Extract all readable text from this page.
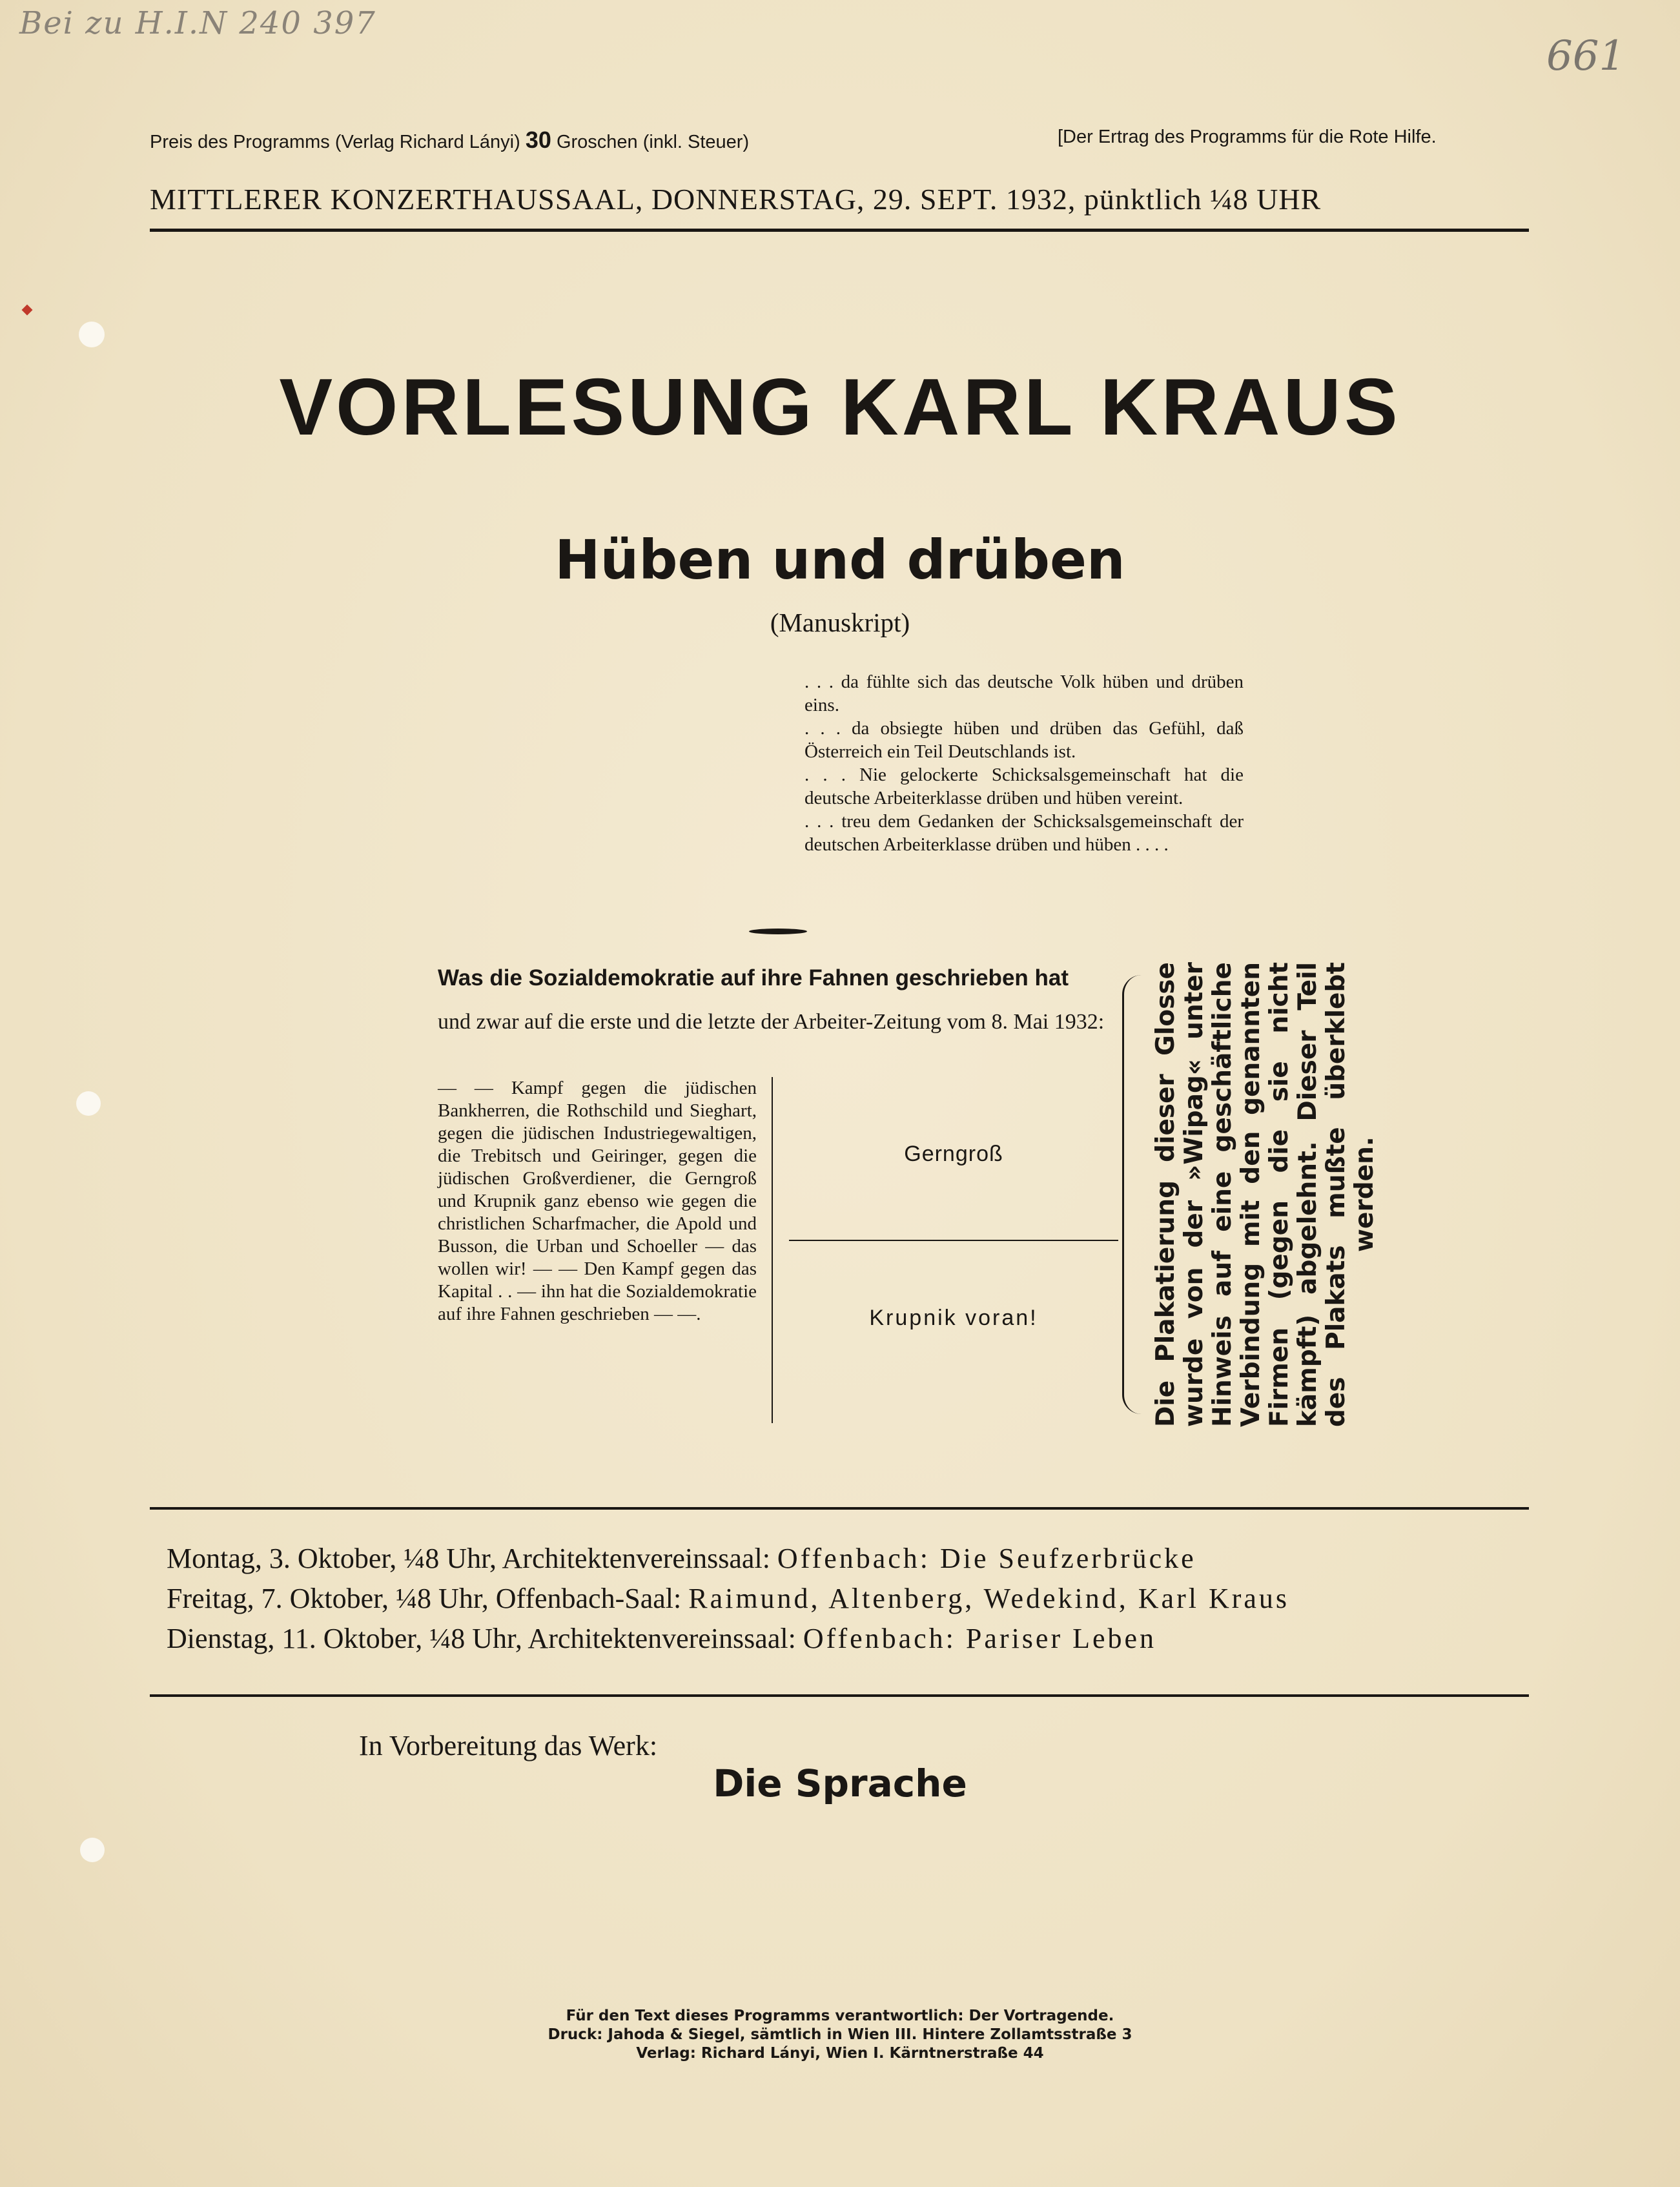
Bei zu H.I.N 240 397
661
Preis des Programms (Verlag Richard Lányi) 30 Groschen (inkl. Steuer)	[Der Ertrag des Programms für die Rote Hilfe.
MITTLERER KONZERTHAUSSAAL, DONNERSTAG, 29. SEPT. 1932, pünktlich ¼8 UHR
VORLESUNG KARL KRAUS
Hüben und drüben
(Manuskript)

. . . da fühlte sich das deutsche Volk hüben und drüben eins.

. . . da obsiegte hüben und drüben das Gefühl, daß Österreich ein Teil Deutschlands ist.

. . . Nie gelockerte Schicksalsgemeinschaft hat die deutsche Arbeiterklasse drüben und hüben vereint.

. . . treu dem Gedanken der Schicksalsgemeinschaft der deutschen Arbeiterklasse drüben und hüben . . . .

Was die Sozialdemokratie auf ihre Fahnen geschrieben hat
und zwar auf die erste und die letzte der Arbeiter-Zeitung vom 8. Mai 1932:
— — Kampf gegen die jüdischen Bankherren, die Rothschild und Sieghart, gegen die jüdischen Industriegewaltigen, die Trebitsch und Geiringer, gegen die jüdischen Großverdiener, die Gerngroß und Krupnik ganz ebenso wie gegen die christlichen Scharfmacher, die Apold und Busson, die Urban und Schoeller — das wollen wir! — — Den Kampf gegen das Kapital . . — ihn hat die Sozialdemokratie auf ihre Fahnen geschrieben — —.
Gerngroß
Krupnik voran!	Die Plakatierung dieser Glosse wurde von der »Wipag« unter Hinweis auf eine geschäftliche Verbindung mit den genannten Firmen (gegen die sie nicht kämpft) abgelehnt. Dieser Teil des Plakats mußte überklebt werden.
Montag, 3. Oktober, ¼8 Uhr, Architektenvereinssaal: Offenbach: Die Seufzerbrücke
Freitag, 7. Oktober, ¼8 Uhr, Offenbach-Saal: Raimund, Altenberg, Wedekind, Karl Kraus
Dienstag, 11. Oktober, ¼8 Uhr, Architektenvereinssaal: Offenbach: Pariser Leben
In Vorbereitung das Werk:
Die Sprache
Für den Text dieses Programms verantwortlich: Der Vortragende.
Druck: Jahoda & Siegel, sämtlich in Wien III. Hintere Zollamtsstraße 3
Verlag: Richard Lányi, Wien I. Kärntnerstraße 44
